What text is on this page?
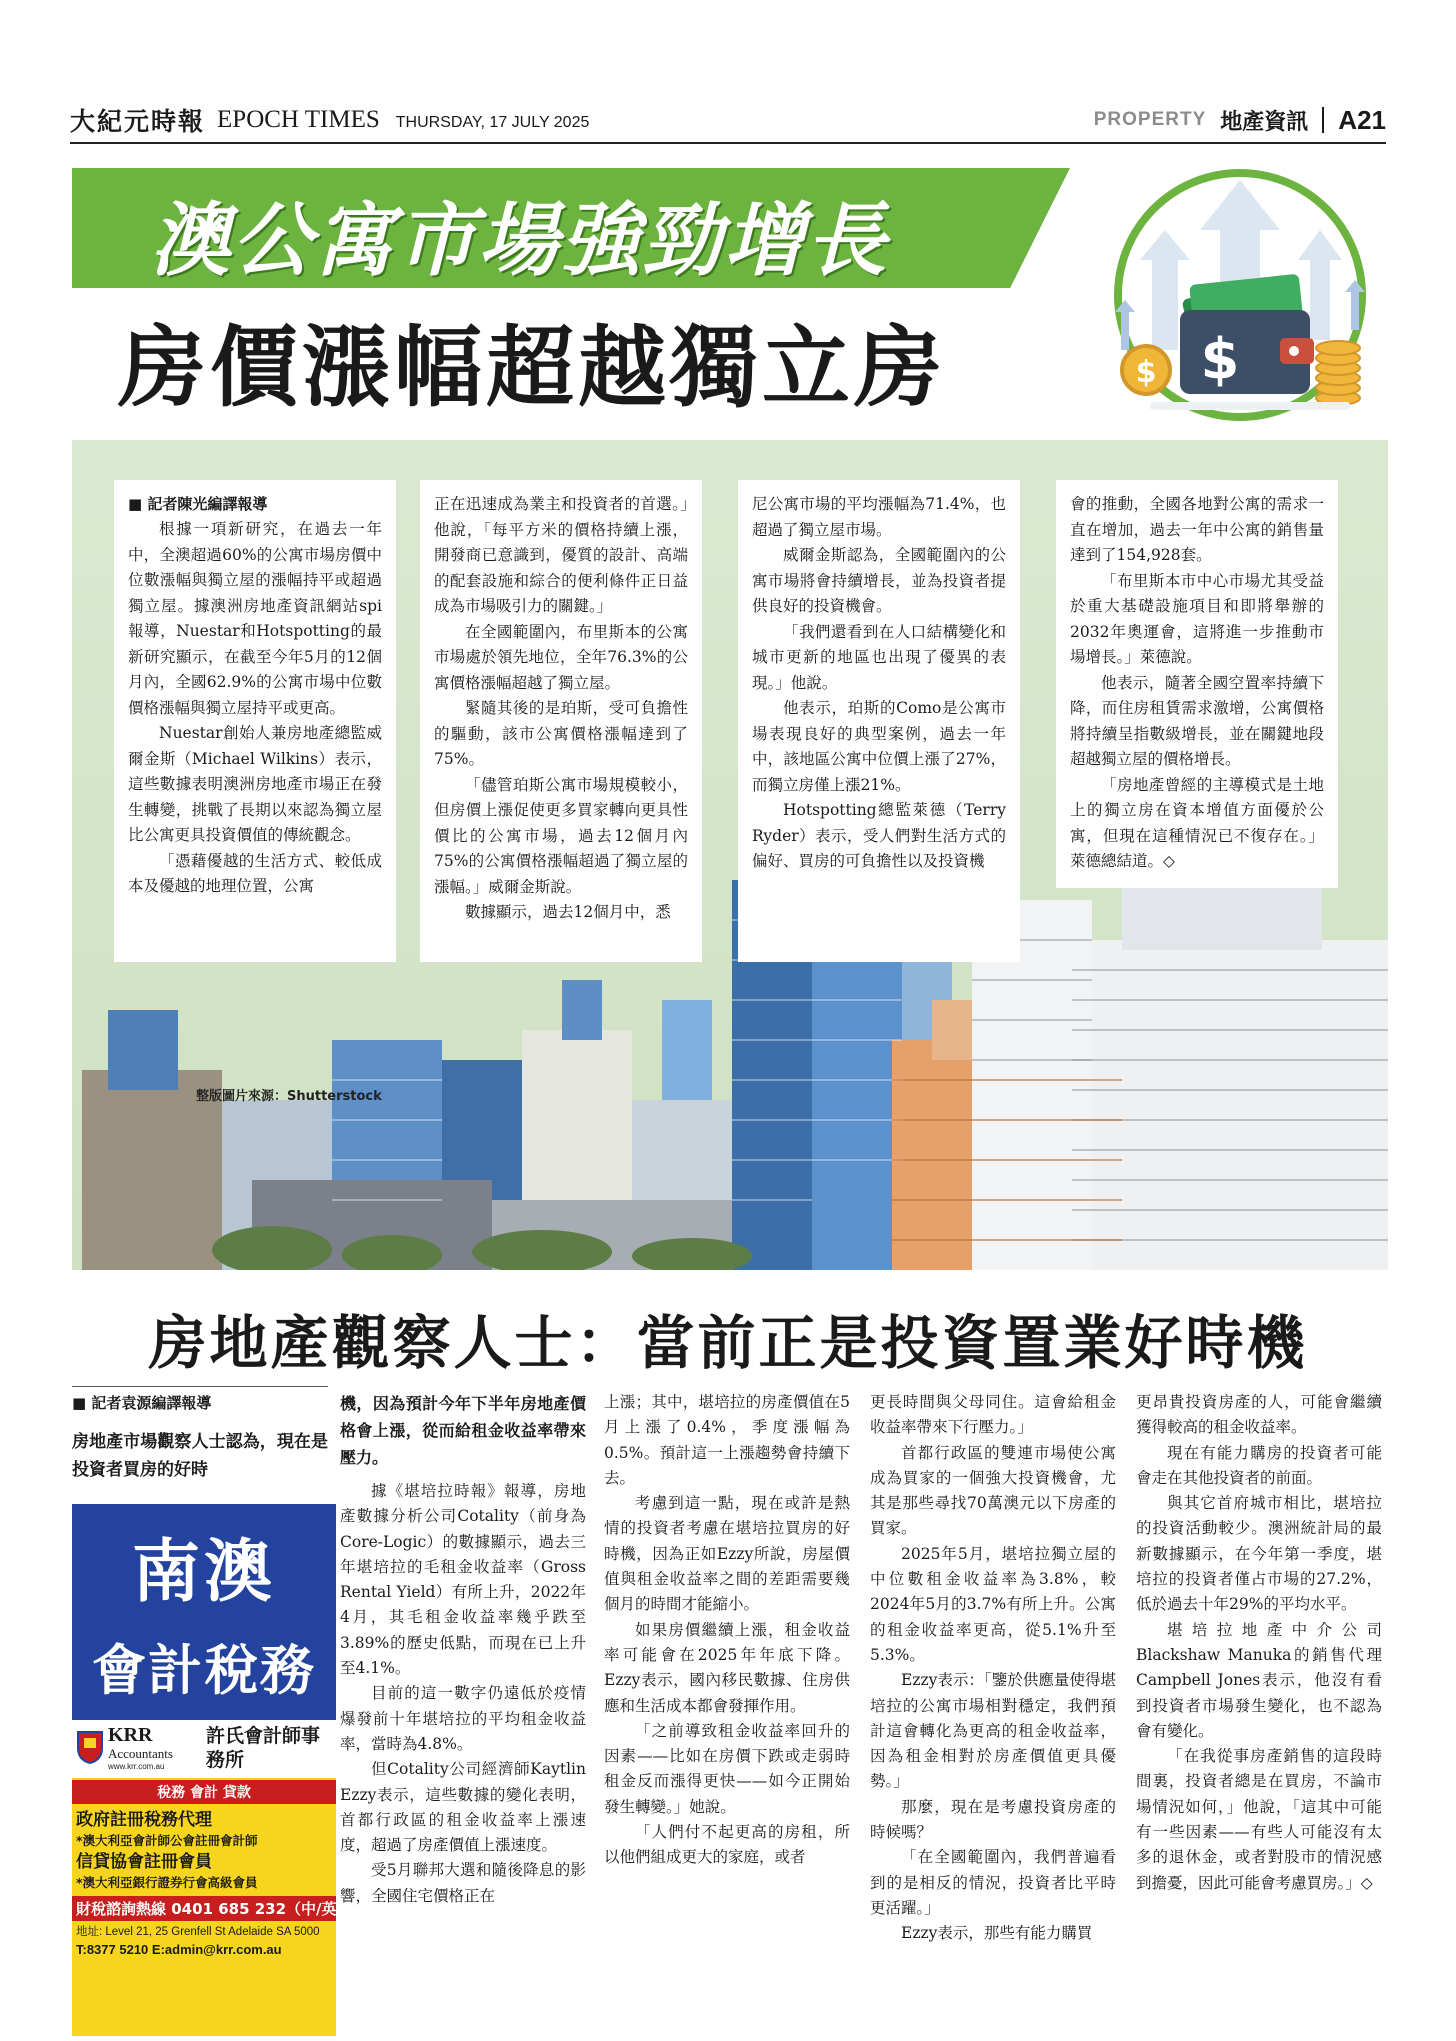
大紀元時報 EPOCH TIMES THURSDAY, 17 JULY 2025	PROPERTY 地產資訊 A21
澳公寓市場強勁增長
房價漲幅超越獨立房	$
$

■ 記者陳光編譯報導

根據一項新研究，在過去一年中，全澳超過60%的公寓市場房價中位數漲幅與獨立屋的漲幅持平或超過獨立屋。據澳洲房地產資訊網站spi報導，Nuestar和Hotspotting的最新研究顯示，在截至今年5月的12個月內，全國62.9%的公寓市場中位數價格漲幅與獨立屋持平或更高。

Nuestar創始人兼房地產總監威爾金斯（Michael Wilkins）表示，這些數據表明澳洲房地產市場正在發生轉變，挑戰了長期以來認為獨立屋比公寓更具投資價值的傳統觀念。

「憑藉優越的生活方式、較低成本及優越的地理位置，公寓

正在迅速成為業主和投資者的首選。」他說，「每平方米的價格持續上漲，開發商已意識到，優質的設計、高端的配套設施和綜合的便利條件正日益成為市場吸引力的關鍵。」

在全國範圍內，布里斯本的公寓市場處於領先地位，全年76.3%的公寓價格漲幅超越了獨立屋。

緊隨其後的是珀斯，受可負擔性的驅動，該市公寓價格漲幅達到了75%。

「儘管珀斯公寓市場規模較小，但房價上漲促使更多買家轉向更具性價比的公寓市場，過去12個月內75%的公寓價格漲幅超過了獨立屋的漲幅。」威爾金斯說。

數據顯示，過去12個月中，悉

尼公寓市場的平均漲幅為71.4%，也超過了獨立屋市場。

威爾金斯認為，全國範圍內的公寓市場將會持續增長，並為投資者提供良好的投資機會。

「我們還看到在人口結構變化和城市更新的地區也出現了優異的表現。」他說。

他表示，珀斯的Como是公寓市場表現良好的典型案例，過去一年中，該地區公寓中位價上漲了27%，而獨立房僅上漲21%。

Hotspotting總監萊德（Terry Ryder）表示，受人們對生活方式的偏好、買房的可負擔性以及投資機

會的推動，全國各地對公寓的需求一直在增加，過去一年中公寓的銷售量達到了154,928套。

「布里斯本市中心市場尤其受益於重大基礎設施項目和即將舉辦的2032年奧運會，這將進一步推動市場增長。」萊德說。

他表示，隨著全國空置率持續下降，而住房租賃需求激增，公寓價格將持續呈指數級增長，並在關鍵地段超越獨立屋的價格增長。

「房地產曾經的主導模式是土地上的獨立房在資本增值方面優於公寓，但現在這種情況已不復存在。」萊德總結道。◇

整版圖片來源：Shutterstock
房地產觀察人士：當前正是投資置業好時機
■ 記者袁源編譯報導
房地產市場觀察人士認為，現在是投資者買房的好時

機，因為預計今年下半年房地產價格會上漲，從而給租金收益率帶來壓力。

據《堪培拉時報》報導，房地產數據分析公司Cotality（前身為Core-Logic）的數據顯示，過去三年堪培拉的毛租金收益率（Gross Rental Yield）有所上升，2022年4月，其毛租金收益率幾乎跌至3.89%的歷史低點，而現在已上升至4.1%。

目前的這一數字仍遠低於疫情爆發前十年堪培拉的平均租金收益率，當時為4.8%。

但Cotality公司經濟師Kaytlin Ezzy表示，這些數據的變化表明，首都行政區的租金收益率上漲速度，超過了房產價值上漲速度。

受5月聯邦大選和隨後降息的影響，全國住宅價格正在

上漲；其中，堪培拉的房產價值在5月上漲了0.4%，季度漲幅為0.5%。預計這一上漲趨勢會持續下去。

考慮到這一點，現在或許是熱情的投資者考慮在堪培拉買房的好時機，因為正如Ezzy所說，房屋價值與租金收益率之間的差距需要幾個月的時間才能縮小。

如果房價繼續上漲，租金收益率可能會在2025年年底下降。Ezzy表示，國內移民數據、住房供應和生活成本都會發揮作用。

「之前導致租金收益率回升的因素——比如在房價下跌或走弱時租金反而漲得更快——如今正開始發生轉變。」她說。

「人們付不起更高的房租，所以他們組成更大的家庭，或者

更長時間與父母同住。這會給租金收益率帶來下行壓力。」

首都行政區的雙連市場使公寓成為買家的一個強大投資機會，尤其是那些尋找70萬澳元以下房產的買家。

2025年5月，堪培拉獨立屋的中位數租金收益率為3.8%，較2024年5月的3.7%有所上升。公寓的租金收益率更高，從5.1%升至5.3%。

Ezzy表示：「鑒於供應量使得堪培拉的公寓市場相對穩定，我們預計這會轉化為更高的租金收益率，因為租金相對於房產價值更具優勢。」

那麼，現在是考慮投資房產的時候嗎？

「在全國範圍內，我們普遍看到的是相反的情況，投資者比平時更活躍。」

Ezzy表示，那些有能力購買

更昂貴投資房產的人，可能會繼續獲得較高的租金收益率。

現在有能力購房的投資者可能會走在其他投資者的前面。

與其它首府城市相比，堪培拉的投資活動較少。澳洲統計局的最新數據顯示，在今年第一季度，堪培拉的投資者僅占市場的27.2%，低於過去十年29%的平均水平。

堪培拉地產中介公司Blackshaw Manuka的銷售代理Campbell Jones表示，他沒有看到投資者市場發生變化，也不認為會有變化。

「在我從事房產銷售的這段時間裏，投資者總是在買房，不論市場情況如何，」他說，「這其中可能有一些因素——有些人可能沒有太多的退休金，或者對股市的情況感到擔憂，因此可能會考慮買房。」◇

南澳
會計稅務
KRR
Accountants
www.krr.com.au
許氏會計師事務所
稅務 會計 貸款
政府註冊稅務代理
*澳大利亞會計師公會註冊會計師
信貸協會註冊會員
*澳大利亞銀行證券行會高級會員
財稅諮詢熱線 0401 685 232（中/英）
地址: Level 21, 25 Grenfell St Adelaide SA 5000
T:8377 5210 E:admin@krr.com.au
